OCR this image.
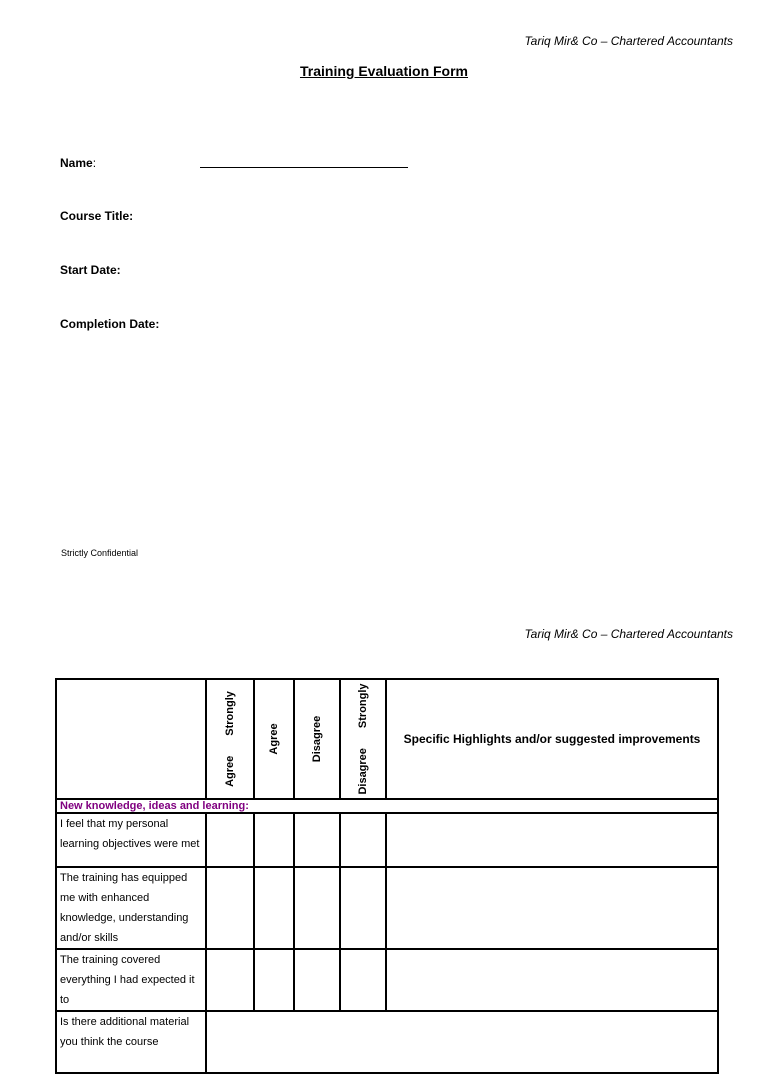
Tariq Mir& Co – Chartered Accountants
Training Evaluation Form
Name:
Course Title:
Start Date:
Completion Date:
Strictly Confidential
Tariq Mir& Co – Chartered Accountants

	AgreeStrongly	Agree	Disagree	DisagreeStrongly	Specific Highlights and/or suggested improvements
New knowledge, ideas and learning:					

I feel that my personal learning objectives were met					

The training has equipped me with enhanced knowledge, understanding and/or skills					

The training covered everything I had expected it to					

Is there additional material you think the course					
